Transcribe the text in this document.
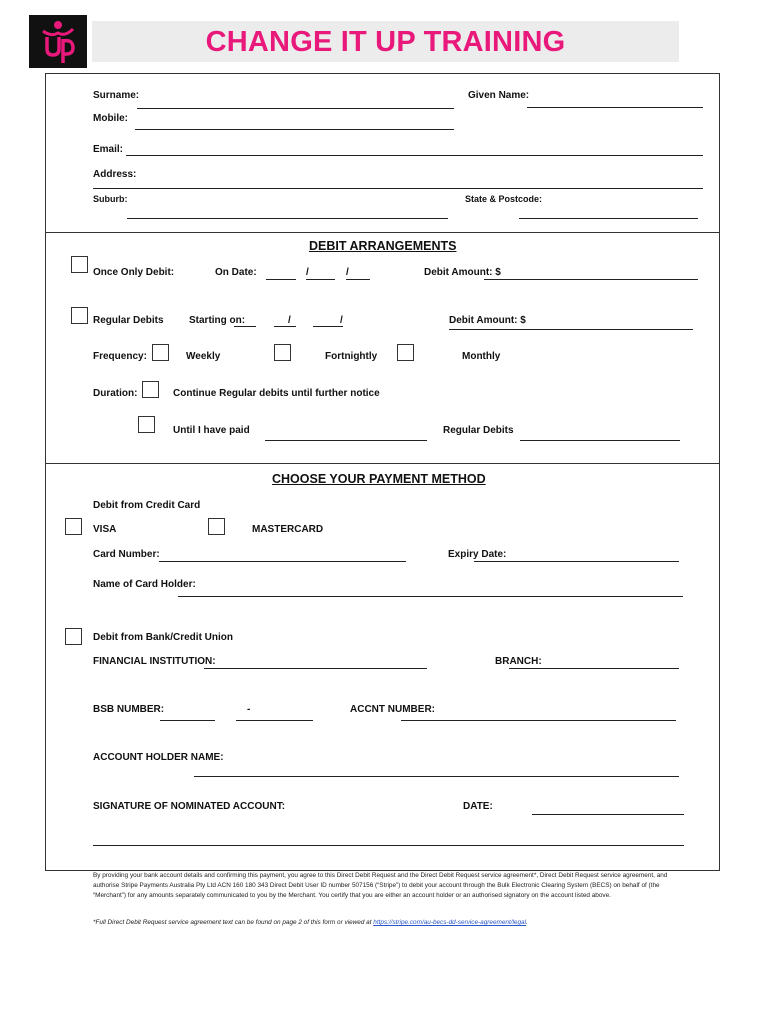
CHANGE IT UP TRAINING
Surname:	Given Name:
Mobile:
Email:
Address:
Suburb:	State & Postcode:
DEBIT ARRANGEMENTS
Once Only Debit:	On Date:	/	/	Debit Amount: $
Regular Debits	Starting on:	/	/	Debit Amount: $
Frequency:	Weekly	Fortnightly	Monthly
Duration:	Continue Regular debits until further notice
Until I have paid	Regular Debits
CHOOSE YOUR PAYMENT METHOD
Debit from Credit Card
VISA	MASTERCARD
Card Number:	Expiry Date:
Name of Card Holder:
Debit from Bank/Credit Union
FINANCIAL INSTITUTION:	BRANCH:
BSB NUMBER:	-	ACCNT NUMBER:
ACCOUNT HOLDER NAME:
SIGNATURE OF NOMINATED ACCOUNT:	DATE:
By providing your bank account details and confirming this payment, you agree to this Direct Debit Request and the Direct Debit Request service agreement*, Direct Debit Request service agreement, and authorise Stripe Payments Australia Pty Ltd ACN 160 180 343 Direct Debit User ID number 507156 (“Stripe”) to debit your account through the Bulk Electronic Clearing System (BECS) on behalf of (the “Merchant”) for any amounts separately communicated to you by the Merchant. You certify that you are either an account holder or an authorised signatory on the account listed above.
*Full Direct Debit Request service agreement text can be found on page 2 of this form or viewed at https://stripe.com/au-becs-dd-service-agreement/legal.
